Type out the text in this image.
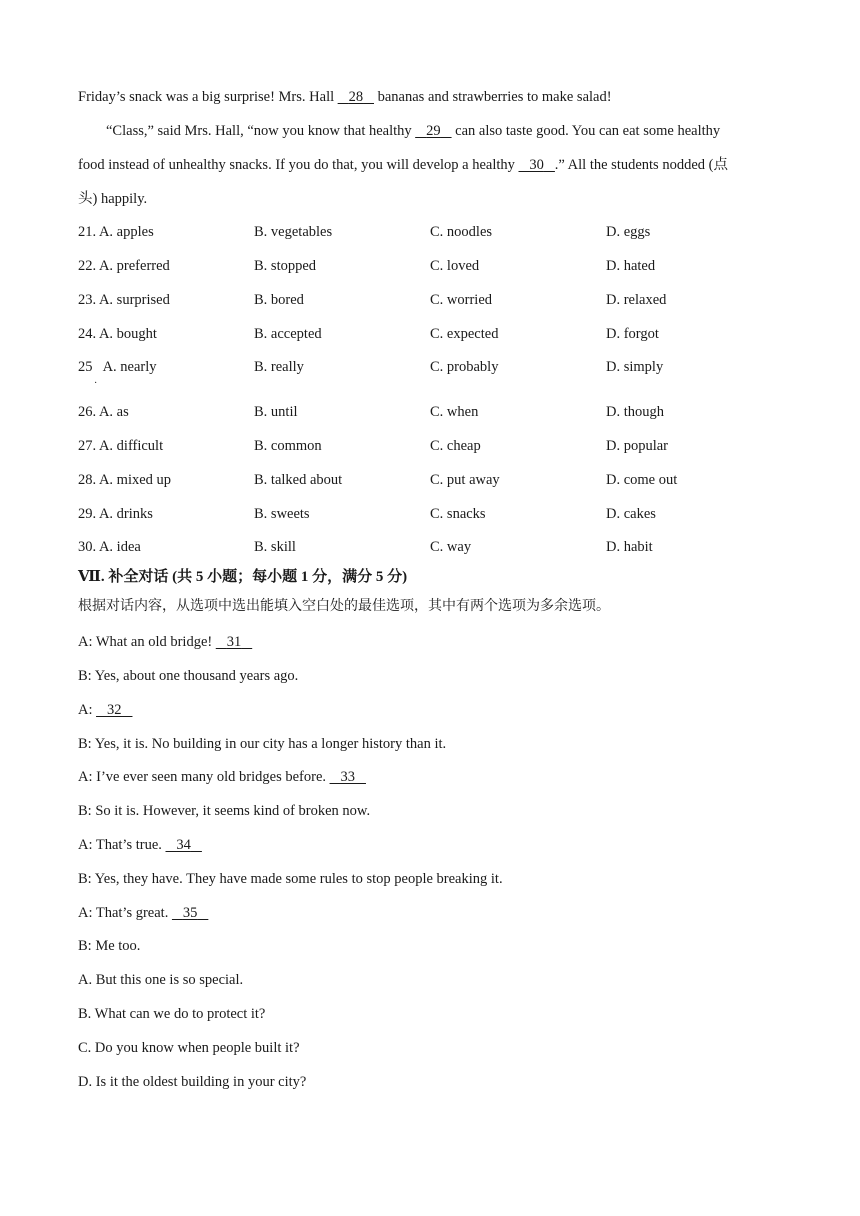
Friday’s snack was a big surprise! Mrs. Hall 28 bananas and strawberries to make salad!
“Class,” said Mrs. Hall, “now you know that healthy 29 can also taste good. You can eat some healthy
food instead of unhealthy snacks. If you do that, you will develop a healthy 30 .” All the students nodded (点
头) happily.
21. A. apples	B. vegetables	C. noodles	D. eggs
22. A. preferred	B. stopped	C. loved	D. hated
23. A. surprised	B. bored	C. worried	D. relaxed
24. A. bought	B. accepted	C. expected	D. forgot
25   A. nearly	B. really	C. probably	D. simply
·
26. A. as	B. until	C. when	D. though
27. A. difficult	B. common	C. cheap	D. popular
28. A. mixed up	B. talked about	C. put away	D. come out
29. A. drinks	B. sweets	C. snacks	D. cakes
30. A. idea	B. skill	C. way	D. habit
Ⅶ. 补全对话 (共 5 小题；每小题 1 分，满分 5 分)
根据对话内容，从选项中选出能填入空白处的最佳选项，其中有两个选项为多余选项。
A: What an old bridge! 31
B: Yes, about one thousand years ago.
A: 32
B: Yes, it is. No building in our city has a longer history than it.
A: I’ve ever seen many old bridges before. 33
B: So it is. However, it seems kind of broken now.
A: That’s true. 34
B: Yes, they have. They have made some rules to stop people breaking it.
A: That’s great. 35
B: Me too.
A. But this one is so special.
B. What can we do to protect it?
C. Do you know when people built it?
D. Is it the oldest building in your city?
